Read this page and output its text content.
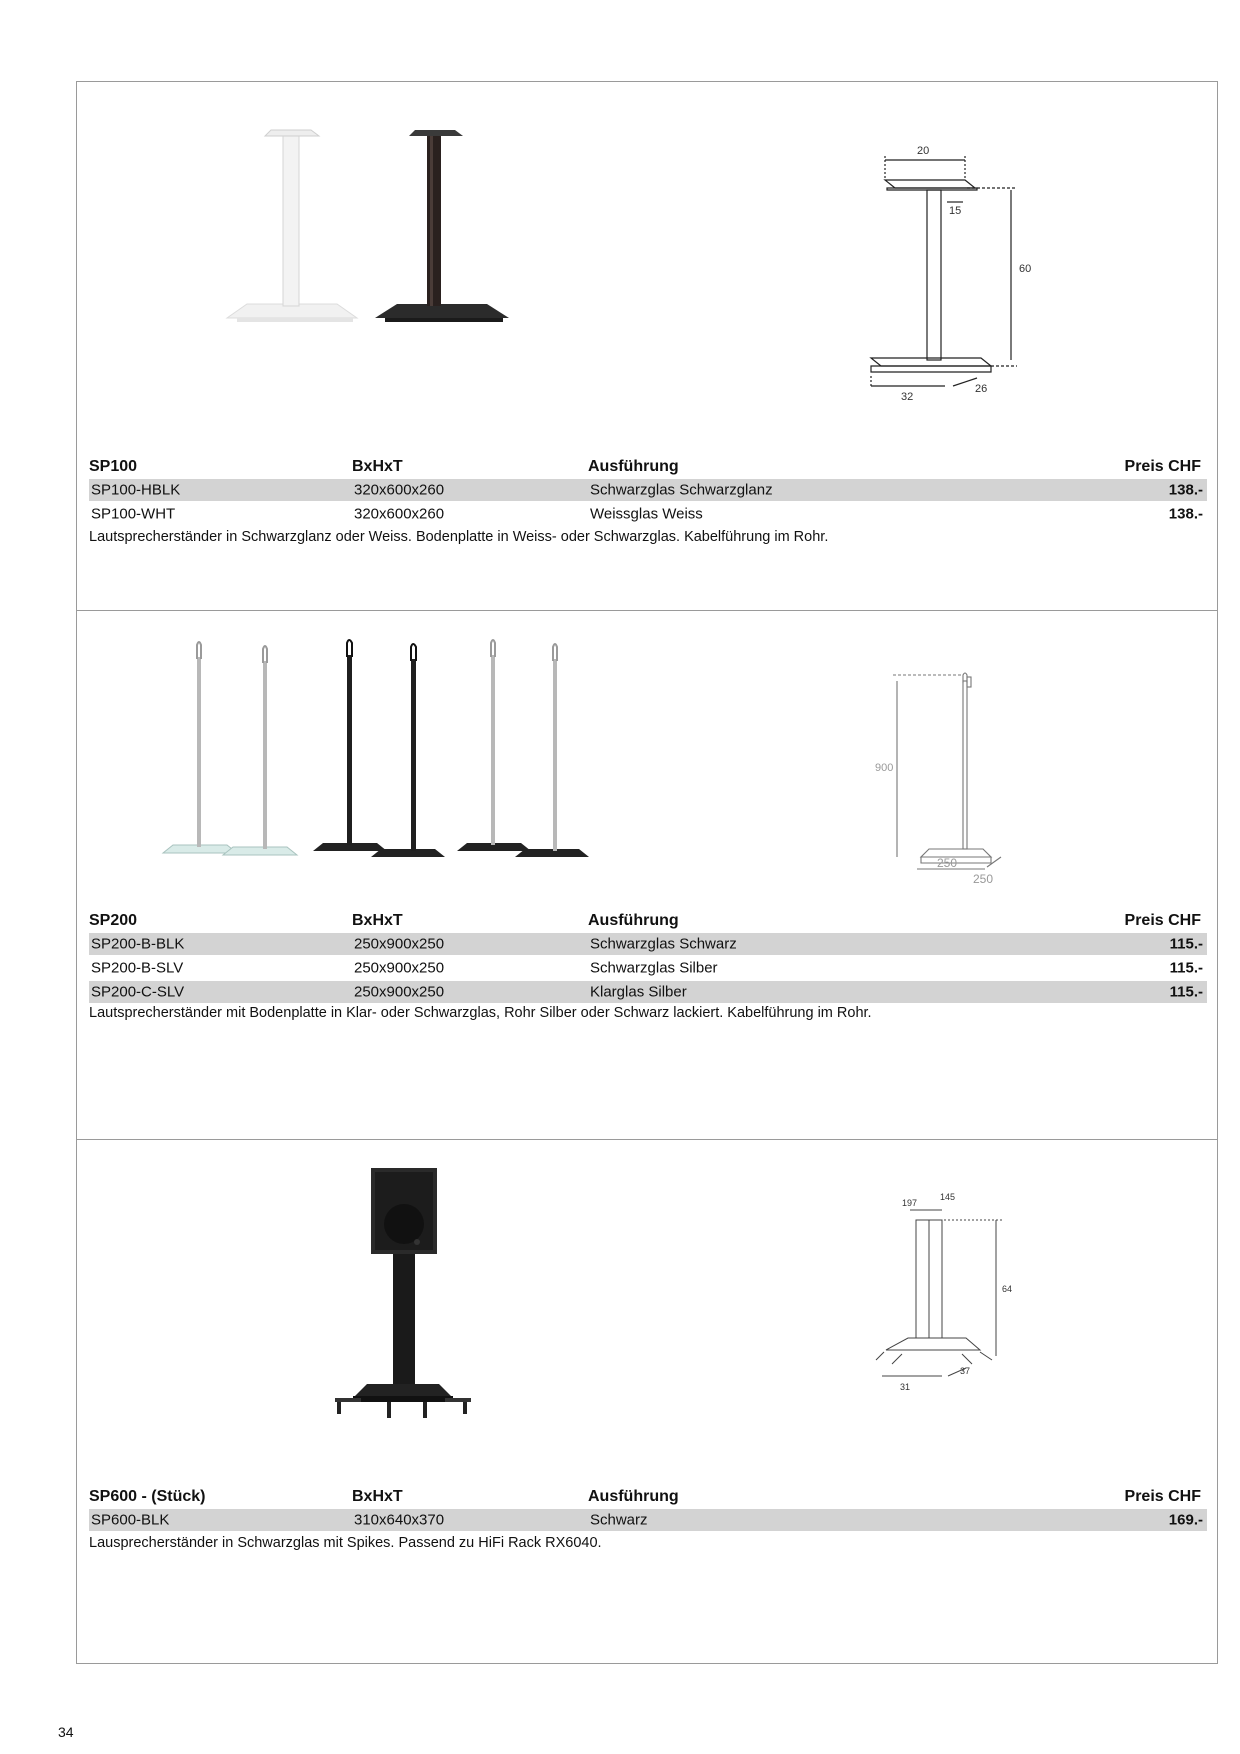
20
15
60
32
26
SP100	BxHxT	Ausführung	Preis CHF
SP100-HBLK	320x600x260	Schwarzglas Schwarzglanz	138.-
SP100-WHT	320x600x260	Weissglas Weiss	138.-
Lautsprecherständer in Schwarzglanz oder Weiss. Bodenplatte in Weiss- oder Schwarzglas. Kabelführung im Rohr.
900
250
250
SP200	BxHxT	Ausführung	Preis CHF
SP200-B-BLK	250x900x250	Schwarzglas Schwarz	115.-
SP200-B-SLV	250x900x250	Schwarzglas Silber	115.-
SP200-C-SLV	250x900x250	Klarglas Silber	115.-
Lautsprecherständer mit Bodenplatte in Klar- oder Schwarzglas, Rohr Silber oder Schwarz lackiert. Kabelführung im Rohr.
197
145
64
31
37
SP600 - (Stück)	BxHxT	Ausführung	Preis CHF
SP600-BLK	310x640x370	Schwarz	169.-
Lausprecherständer in Schwarzglas mit Spikes. Passend zu HiFi Rack RX6040.
34
